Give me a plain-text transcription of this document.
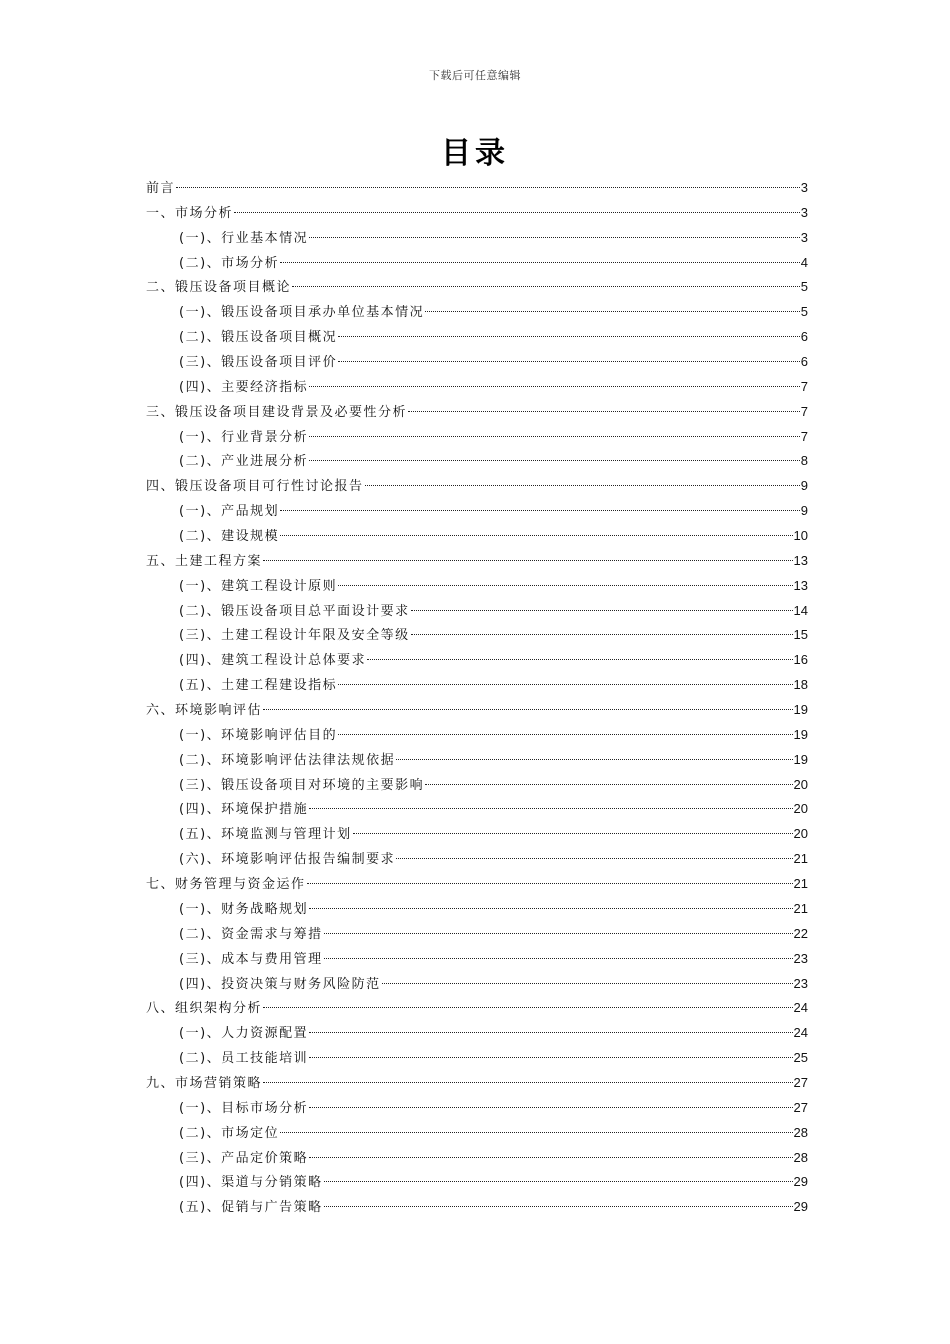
下载后可任意编辑
目录
前言	3
一、市场分析	3
(一)、行业基本情况	3
(二)、市场分析	4
二、锻压设备项目概论	5
(一)、锻压设备项目承办单位基本情况	5
(二)、锻压设备项目概况	6
(三)、锻压设备项目评价	6
(四)、主要经济指标	7
三、锻压设备项目建设背景及必要性分析	7
(一)、行业背景分析	7
(二)、产业进展分析	8
四、锻压设备项目可行性讨论报告	9
(一)、产品规划	9
(二)、建设规模	10
五、土建工程方案	13
(一)、建筑工程设计原则	13
(二)、锻压设备项目总平面设计要求	14
(三)、土建工程设计年限及安全等级	15
(四)、建筑工程设计总体要求	16
(五)、土建工程建设指标	18
六、环境影响评估	19
(一)、环境影响评估目的	19
(二)、环境影响评估法律法规依据	19
(三)、锻压设备项目对环境的主要影响	20
(四)、环境保护措施	20
(五)、环境监测与管理计划	20
(六)、环境影响评估报告编制要求	21
七、财务管理与资金运作	21
(一)、财务战略规划	21
(二)、资金需求与筹措	22
(三)、成本与费用管理	23
(四)、投资决策与财务风险防范	23
八、组织架构分析	24
(一)、人力资源配置	24
(二)、员工技能培训	25
九、市场营销策略	27
(一)、目标市场分析	27
(二)、市场定位	28
(三)、产品定价策略	28
(四)、渠道与分销策略	29
(五)、促销与广告策略	29
